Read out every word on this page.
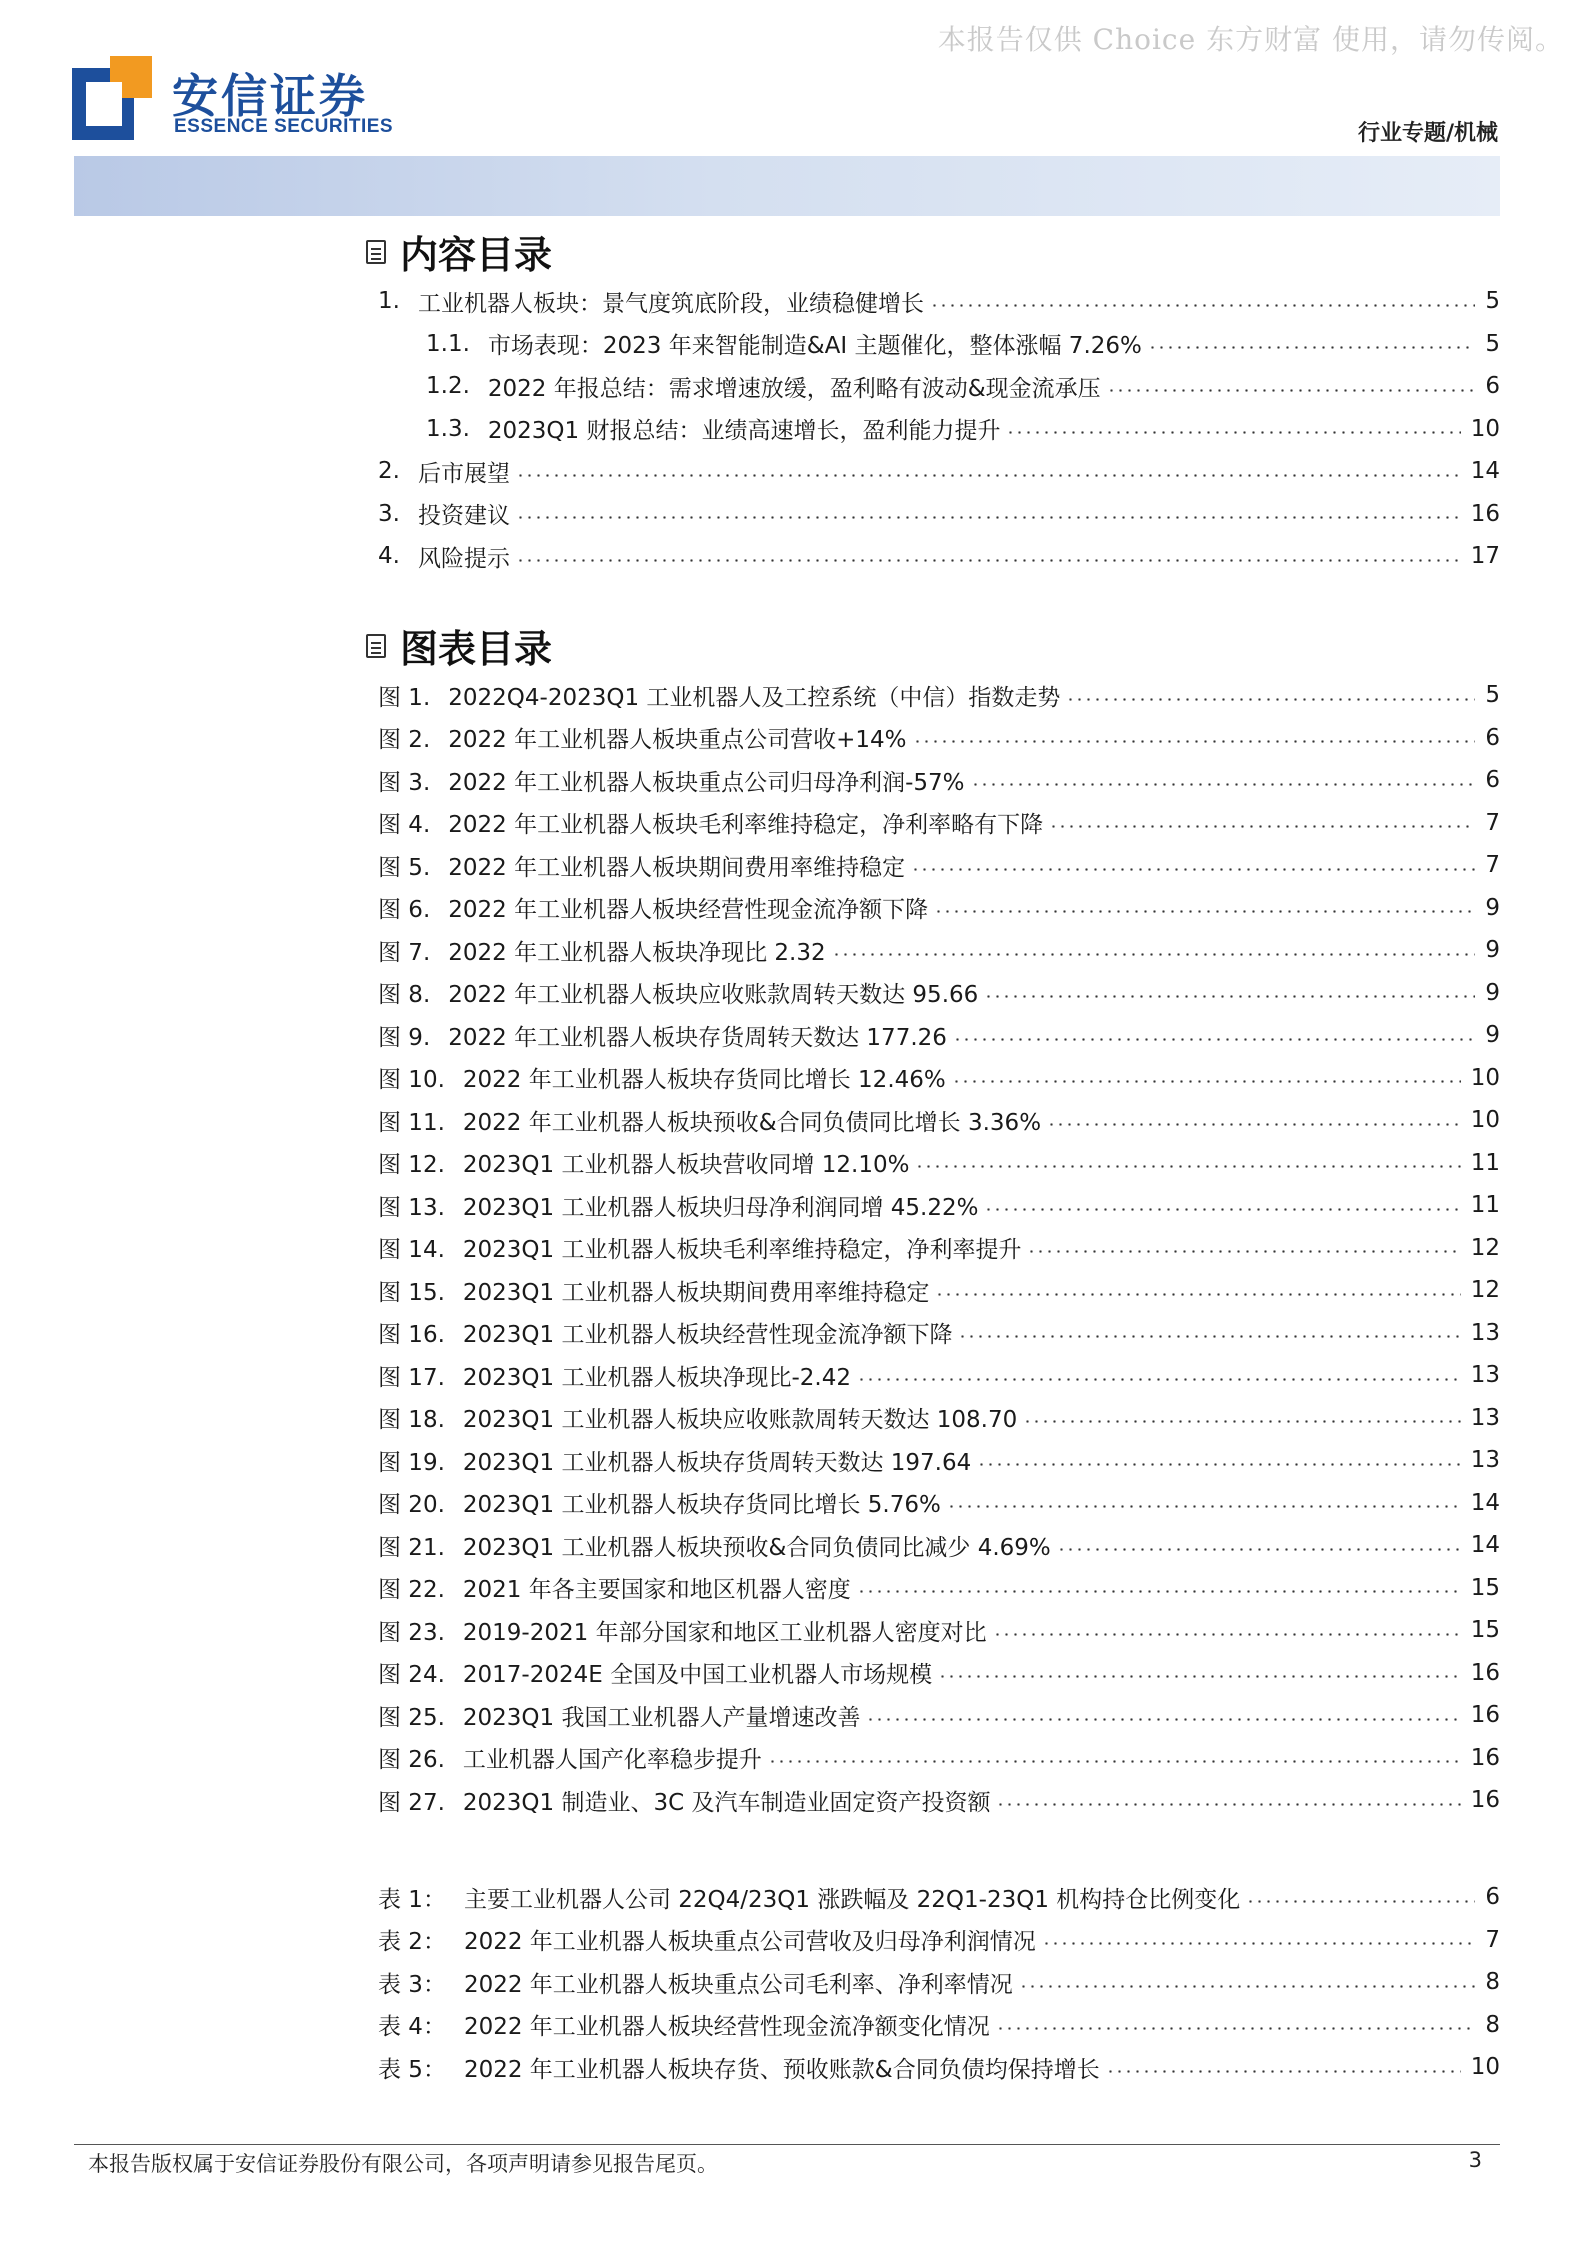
本报告仅供 Choice 东方财富 使用，请勿传阅。
安信证券
ESSENCE SECURITIES	行业专题/机械
内容目录
1. 工业机器人板块：景气度筑底阶段，业绩稳健增长	5
1.1. 市场表现：2023 年来智能制造&AI 主题催化，整体涨幅 7.26%	5
1.2. 2022 年报总结：需求增速放缓，盈利略有波动&现金流承压	6
1.3. 2023Q1 财报总结：业绩高速增长，盈利能力提升	10
2. 后市展望	14
3. 投资建议	16
4. 风险提示	17
图表目录
图 1. 2022Q4-2023Q1 工业机器人及工控系统（中信）指数走势	5
图 2. 2022 年工业机器人板块重点公司营收+14%	6
图 3. 2022 年工业机器人板块重点公司归母净利润-57%	6
图 4. 2022 年工业机器人板块毛利率维持稳定，净利率略有下降	7
图 5. 2022 年工业机器人板块期间费用率维持稳定	7
图 6. 2022 年工业机器人板块经营性现金流净额下降	9
图 7. 2022 年工业机器人板块净现比 2.32	9
图 8. 2022 年工业机器人板块应收账款周转天数达 95.66	9
图 9. 2022 年工业机器人板块存货周转天数达 177.26	9
图 10. 2022 年工业机器人板块存货同比增长 12.46%	10
图 11. 2022 年工业机器人板块预收&合同负债同比增长 3.36%	10
图 12. 2023Q1 工业机器人板块营收同增 12.10%	11
图 13. 2023Q1 工业机器人板块归母净利润同增 45.22%	11
图 14. 2023Q1 工业机器人板块毛利率维持稳定，净利率提升	12
图 15. 2023Q1 工业机器人板块期间费用率维持稳定	12
图 16. 2023Q1 工业机器人板块经营性现金流净额下降	13
图 17. 2023Q1 工业机器人板块净现比-2.42	13
图 18. 2023Q1 工业机器人板块应收账款周转天数达 108.70	13
图 19. 2023Q1 工业机器人板块存货周转天数达 197.64	13
图 20. 2023Q1 工业机器人板块存货同比增长 5.76%	14
图 21. 2023Q1 工业机器人板块预收&合同负债同比减少 4.69%	14
图 22. 2021 年各主要国家和地区机器人密度	15
图 23. 2019-2021 年部分国家和地区工业机器人密度对比	15
图 24. 2017-2024E 全国及中国工业机器人市场规模	16
图 25. 2023Q1 我国工业机器人产量增速改善	16
图 26. 工业机器人国产化率稳步提升	16
图 27. 2023Q1 制造业、3C 及汽车制造业固定资产投资额	16
表 1： 主要工业机器人公司 22Q4/23Q1 涨跌幅及 22Q1-23Q1 机构持仓比例变化	6
表 2： 2022 年工业机器人板块重点公司营收及归母净利润情况	7
表 3： 2022 年工业机器人板块重点公司毛利率、净利率情况	8
表 4： 2022 年工业机器人板块经营性现金流净额变化情况	8
表 5： 2022 年工业机器人板块存货、预收账款&合同负债均保持增长	10
本报告版权属于安信证券股份有限公司，各项声明请参见报告尾页。	3
